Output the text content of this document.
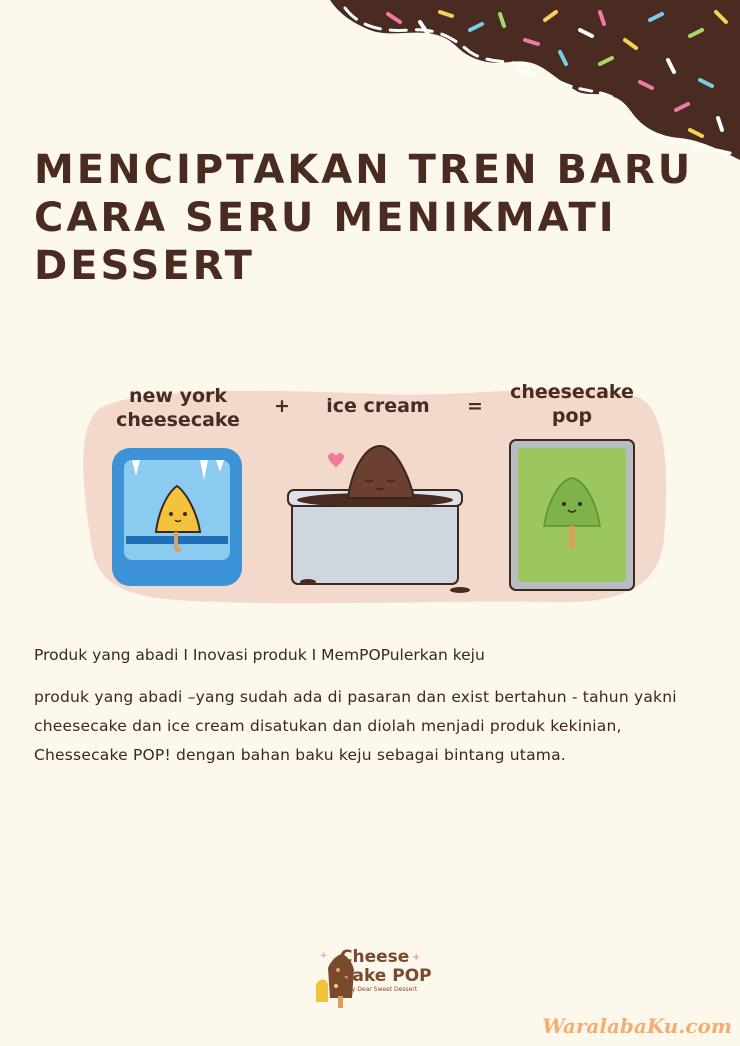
MENCIPTAKAN TREN BARU
CARA SERU MENIKMATI
DESSERT
new york
cheesecake
+ ice cream =
cheesecake
pop

Produk yang abadi I Inovasi produk I MemPOPulerkan keju

produk yang abadi –yang sudah ada di pasaran dan exist bertahun - tahun yakni cheesecake dan ice cream disatukan dan diolah menjadi produk kekinian, Chessecake POP! dengan bahan baku keju sebagai bintang utama.

+
+ Cheese
Cake POP
by Dear Sweet Dessert
WaralabaKu.com
